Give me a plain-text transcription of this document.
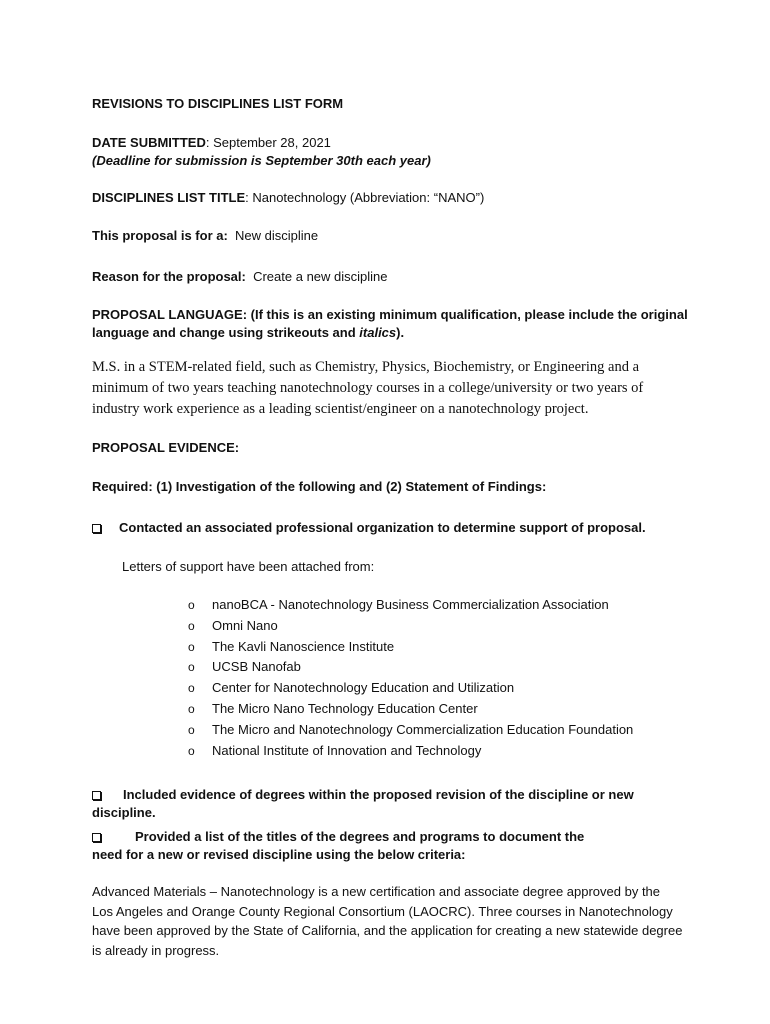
REVISIONS TO DISCIPLINES LIST FORM
DATE SUBMITTED: September 28, 2021
(Deadline for submission is September 30th each year)
DISCIPLINES LIST TITLE: Nanotechnology (Abbreviation: “NANO”)
This proposal is for a: New discipline
Reason for the proposal: Create a new discipline
PROPOSAL LANGUAGE: (If this is an existing minimum qualification, please include the original language and change using strikeouts and italics).
M.S. in a STEM-related field, such as Chemistry, Physics, Biochemistry, or Engineering and a minimum of two years teaching nanotechnology courses in a college/university or two years of industry work experience as a leading scientist/engineer on a nanotechnology project.
PROPOSAL EVIDENCE:
Required: (1) Investigation of the following and (2) Statement of Findings:
Contacted an associated professional organization to determine support of proposal.
Letters of support have been attached from:
o nanoBCA - Nanotechnology Business Commercialization Association
o Omni Nano
o The Kavli Nanoscience Institute
o UCSB Nanofab
o Center for Nanotechnology Education and Utilization
o The Micro Nano Technology Education Center
o The Micro and Nanotechnology Commercialization Education Foundation
o National Institute of Innovation and Technology
Included evidence of degrees within the proposed revision of the discipline or new discipline.
Provided a list of the titles of the degrees and programs to document the
need for a new or revised discipline using the below criteria:
Advanced Materials – Nanotechnology is a new certification and associate degree approved by the Los Angeles and Orange County Regional Consortium (LAOCRC). Three courses in Nanotechnology have been approved by the State of California, and the application for creating a new statewide degree is already in progress.
